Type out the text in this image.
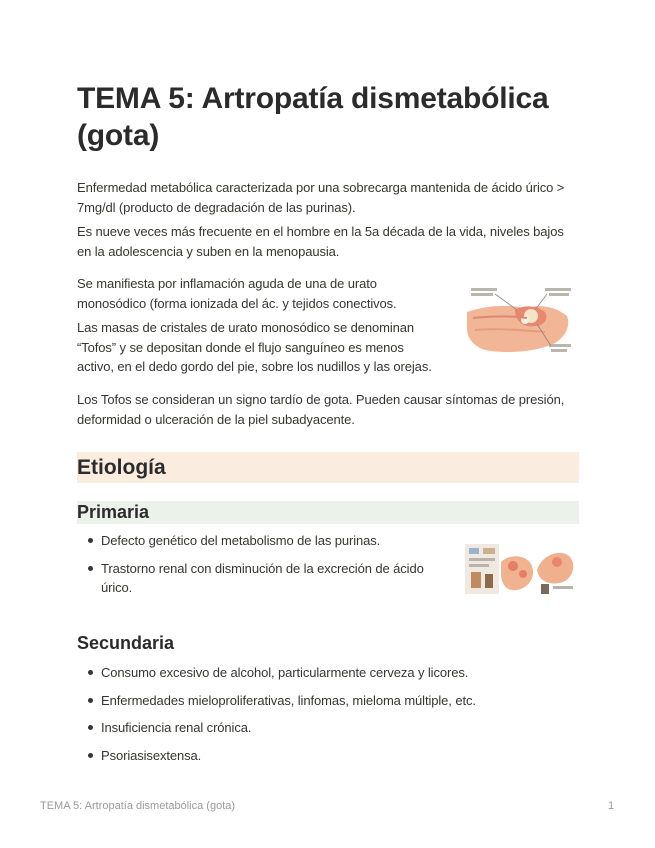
TEMA 5: Artropatía dismetabólica (gota)

Enfermedad metabólica caracterizada por una sobrecarga mantenida de ácido úrico > 7mg/dl (producto de degradación de las purinas).

Es nueve veces más frecuente en el hombre en la 5a década de la vida, niveles bajos en la adolescencia y suben en la menopausia.

Se manifiesta por inflamación aguda de una de urato monosódico (forma ionizada del ác. y tejidos conectivos.

Las masas de cristales de urato monosódico se denominan “Tofos” y se depositan donde el flujo sanguíneo es menos activo, en el dedo gordo del pie, sobre los nudillos y las orejas.

Los Tofos se consideran un signo tardío de gota. Pueden causar síntomas de presión, deformidad o ulceración de la piel subadyacente.

Etiología
Primaria
Defecto genético del metabolismo de las purinas.
Trastorno renal con disminución de la excreción de ácido úrico.
Secundaria
Consumo excesivo de alcohol, particularmente cerveza y licores.
Enfermedades mieloproliferativas, linfomas, mieloma múltiple, etc.
Insuficiencia renal crónica.
Psoriasisextensa.

TEMA 5: Artropatía dismetabólica (gota)	1
